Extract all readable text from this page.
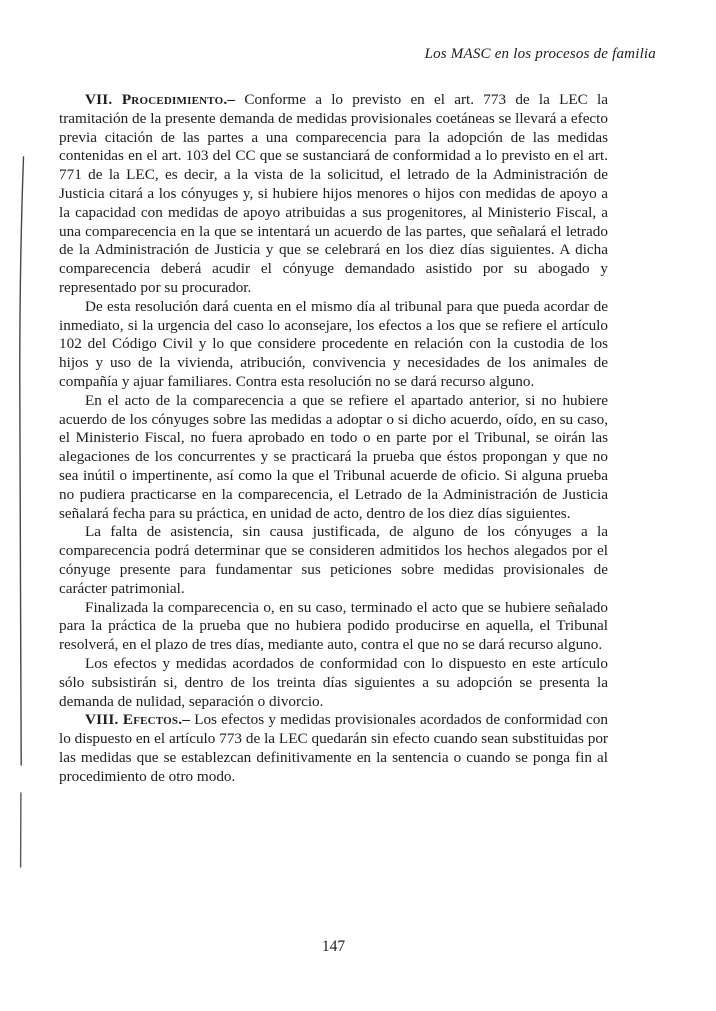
Los MASC en los procesos de familia

VII. Procedimiento.– Conforme a lo previsto en el art. 773 de la LEC la tramitación de la presente demanda de medidas provisionales coetáneas se llevará a efecto previa citación de las partes a una comparecencia para la adopción de las medidas contenidas en el art. 103 del CC que se sustanciará de conformidad a lo previsto en el art. 771 de la LEC, es decir, a la vista de la solicitud, el letrado de la Administración de Justicia citará a los cónyuges y, si hubiere hijos menores o hijos con medidas de apoyo a la capacidad con medidas de apoyo atribuidas a sus progenitores, al Ministerio Fiscal, a una comparecencia en la que se intentará un acuerdo de las partes, que señalará el letrado de la Administración de Justicia y que se celebrará en los diez días siguientes. A dicha comparecencia deberá acudir el cónyuge demandado asistido por su abogado y representado por su procurador.

De esta resolución dará cuenta en el mismo día al tribunal para que pueda acordar de inmediato, si la urgencia del caso lo aconsejare, los efectos a los que se refiere el artículo 102 del Código Civil y lo que considere procedente en relación con la custodia de los hijos y uso de la vivienda, atribución, convivencia y necesidades de los animales de compañía y ajuar familiares. Contra esta resolución no se dará recurso alguno.

En el acto de la comparecencia a que se refiere el apartado anterior, si no hubiere acuerdo de los cónyuges sobre las medidas a adoptar o si dicho acuerdo, oído, en su caso, el Ministerio Fiscal, no fuera aprobado en todo o en parte por el Tribunal, se oirán las alegaciones de los concurrentes y se practicará la prueba que éstos propongan y que no sea inútil o impertinente, así como la que el Tribunal acuerde de oficio. Si alguna prueba no pudiera practicarse en la comparecencia, el Letrado de la Administración de Justicia señalará fecha para su práctica, en unidad de acto, dentro de los diez días siguientes.

La falta de asistencia, sin causa justificada, de alguno de los cónyuges a la comparecencia podrá determinar que se consideren admitidos los hechos alegados por el cónyuge presente para fundamentar sus peticiones sobre medidas provisionales de carácter patrimonial.

Finalizada la comparecencia o, en su caso, terminado el acto que se hubiere señalado para la práctica de la prueba que no hubiera podido producirse en aquella, el Tribunal resolverá, en el plazo de tres días, mediante auto, contra el que no se dará recurso alguno.

Los efectos y medidas acordados de conformidad con lo dispuesto en este artículo sólo subsistirán si, dentro de los treinta días siguientes a su adopción se presenta la demanda de nulidad, separación o divorcio.

VIII. Efectos.– Los efectos y medidas provisionales acordados de conformidad con lo dispuesto en el artículo 773 de la LEC quedarán sin efecto cuando sean substituidas por las medidas que se establezcan definitivamente en la sentencia o cuando se ponga fin al procedimiento de otro modo.

147
